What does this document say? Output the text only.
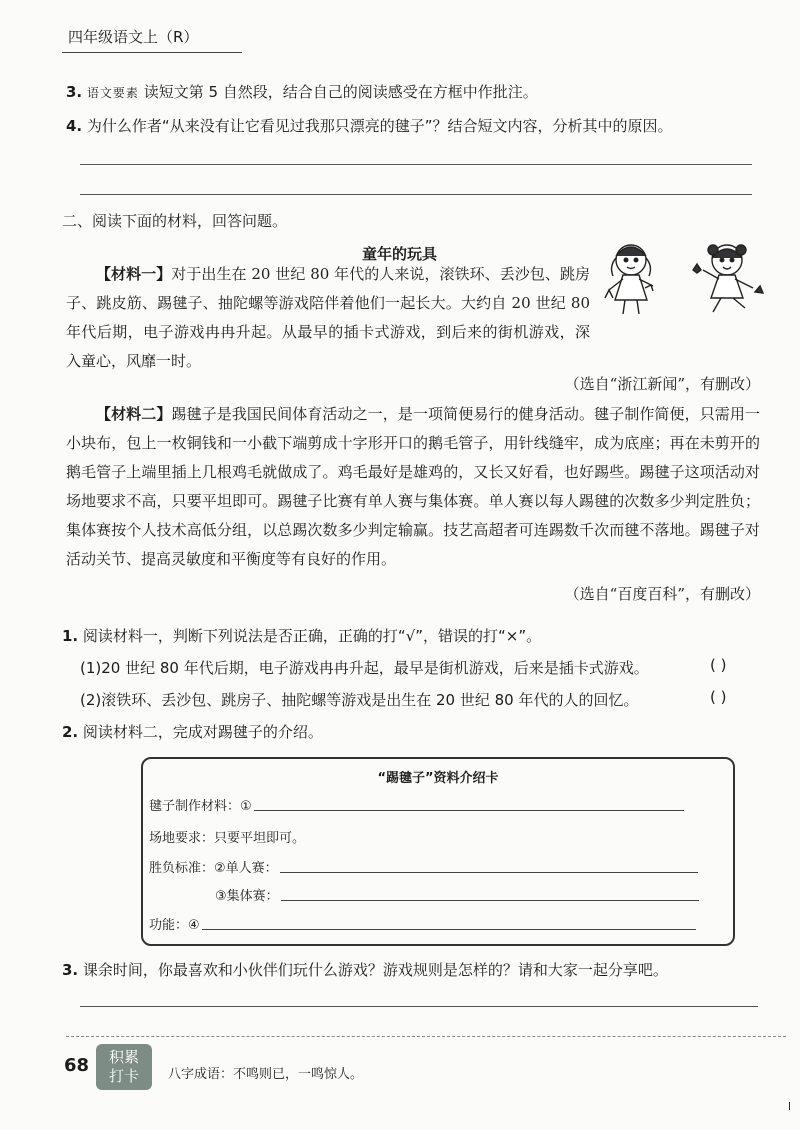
四年级语文上（R）
3. 语文要素 读短文第 5 自然段，结合自己的阅读感受在方框中作批注。
4. 为什么作者“从来没有让它看见过我那只漂亮的毽子”？结合短文内容，分析其中的原因。
二、阅读下面的材料，回答问题。
童年的玩具

【材料一】对于出生在 20 世纪 80 年代的人来说，滚铁环、丢沙包、跳房子、跳皮筋、踢毽子、抽陀螺等游戏陪伴着他们一起长大。大约自 20 世纪 80 年代后期，电子游戏冉冉升起。从最早的插卡式游戏，到后来的街机游戏，深入童心，风靡一时。

（选自“浙江新闻”，有删改）

【材料二】踢毽子是我国民间体育活动之一，是一项简便易行的健身活动。毽子制作简便，只需用一小块布，包上一枚铜钱和一小截下端剪成十字形开口的鹅毛管子，用针线缝牢，成为底座；再在未剪开的鹅毛管子上端里插上几根鸡毛就做成了。鸡毛最好是雄鸡的，又长又好看，也好踢些。踢毽子这项活动对场地要求不高，只要平坦即可。踢毽子比赛有单人赛与集体赛。单人赛以每人踢毽的次数多少判定胜负；集体赛按个人技术高低分组，以总踢次数多少判定输赢。技艺高超者可连踢数千次而毽不落地。踢毽子对活动关节、提高灵敏度和平衡度等有良好的作用。

（选自“百度百科”，有删改）

1. 阅读材料一，判断下列说法是否正确，正确的打“√”，错误的打“×”。
(1)20 世纪 80 年代后期，电子游戏冉冉升起，最早是街机游戏，后来是插卡式游戏。	( )
(2)滚铁环、丢沙包、跳房子、抽陀螺等游戏是出生在 20 世纪 80 年代的人的回忆。	( )
2. 阅读材料二，完成对踢毽子的介绍。
“踢毽子”资料介绍卡
毽子制作材料：①
场地要求：只要平坦即可。
胜负标准：②单人赛：
③集体赛：
功能：④
3. 课余时间，你最喜欢和小伙伴们玩什么游戏？游戏规则是怎样的？请和大家一起分享吧。
68	积累
打卡	八字成语：不鸣则已，一鸣惊人。
